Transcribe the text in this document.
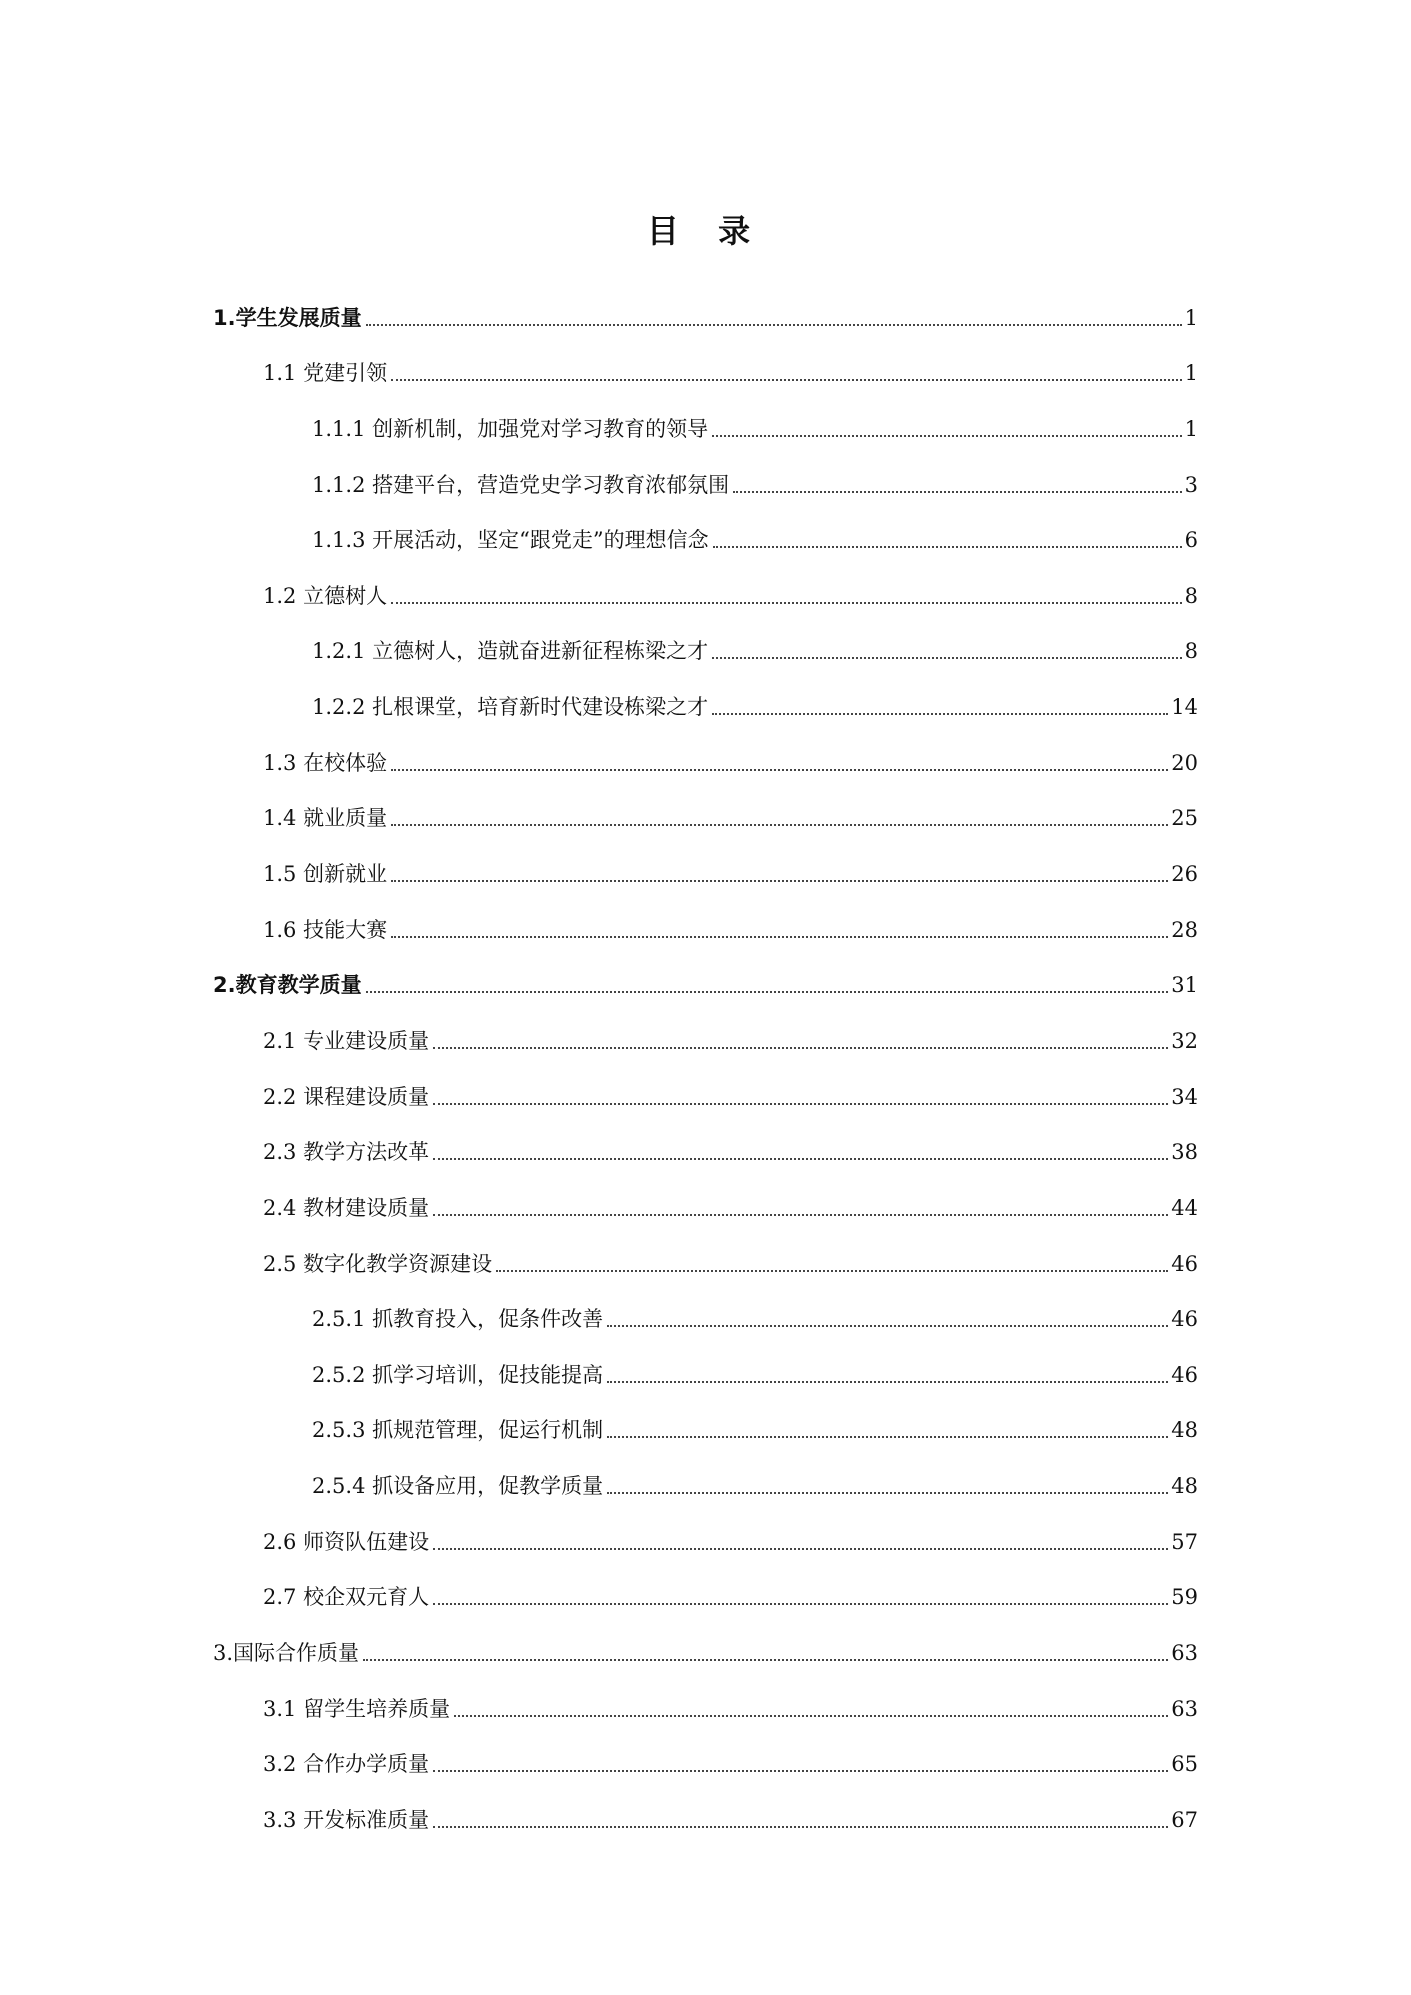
目 录
1.学生发展质量	1
1.1 党建引领	1
1.1.1 创新机制，加强党对学习教育的领导	1
1.1.2 搭建平台，营造党史学习教育浓郁氛围	3
1.1.3 开展活动，坚定“跟党走”的理想信念	6
1.2 立德树人	8
1.2.1 立德树人，造就奋进新征程栋梁之才	8
1.2.2 扎根课堂，培育新时代建设栋梁之才	14
1.3 在校体验	20
1.4 就业质量	25
1.5 创新就业	26
1.6 技能大赛	28
2.教育教学质量	31
2.1 专业建设质量	32
2.2 课程建设质量	34
2.3 教学方法改革	38
2.4 教材建设质量	44
2.5 数字化教学资源建设	46
2.5.1 抓教育投入，促条件改善	46
2.5.2 抓学习培训，促技能提高	46
2.5.3 抓规范管理，促运行机制	48
2.5.4 抓设备应用，促教学质量	48
2.6 师资队伍建设	57
2.7 校企双元育人	59
3.国际合作质量	63
3.1 留学生培养质量	63
3.2 合作办学质量	65
3.3 开发标准质量	67
